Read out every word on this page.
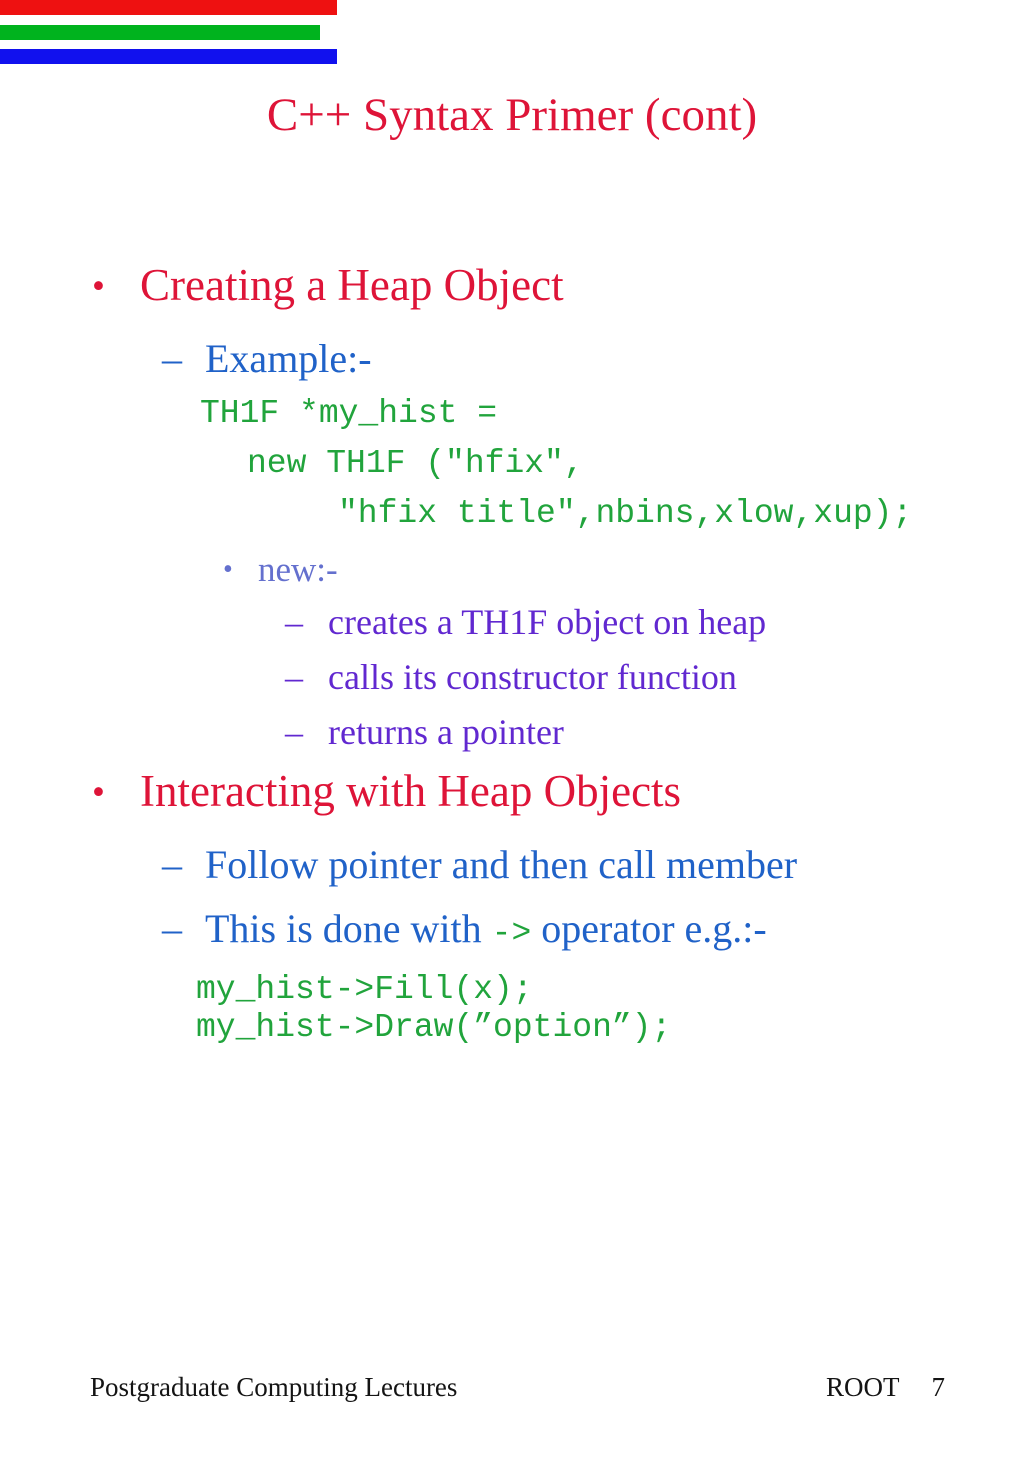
C++ Syntax Primer (cont)
• Creating a Heap Object
– Example:-
TH1F *my_hist =
new TH1F ("hfix",
"hfix title",nbins,xlow,xup);
• new:-
– creates a TH1F object on heap
– calls its constructor function
– returns a pointer
• Interacting with Heap Objects
– Follow pointer and then call member
– This is done with -> operator e.g.:-
my_hist->Fill(x);
my_hist->Draw(”option”);
Postgraduate Computing Lectures	ROOT 7
